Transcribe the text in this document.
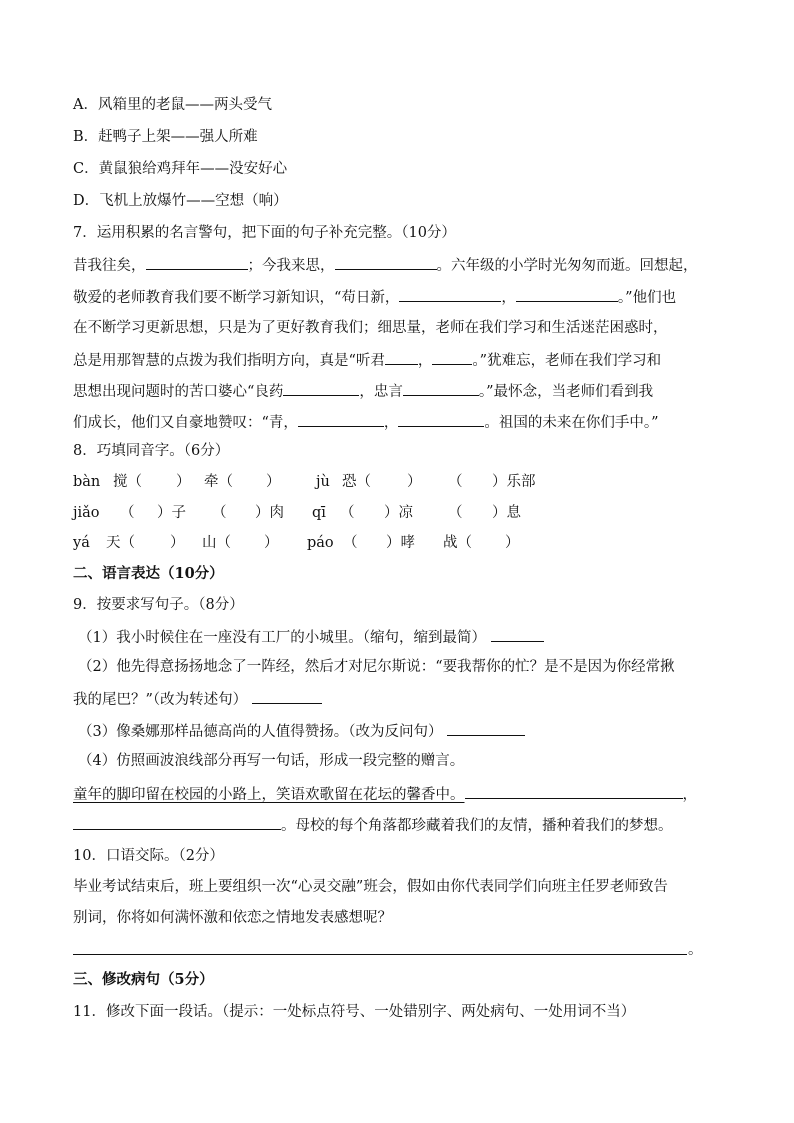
A．风箱里的老鼠——两头受气
B．赶鸭子上架——强人所难
C．黄鼠狼给鸡拜年——没安好心
D．飞机上放爆竹——空想（响）
7．运用积累的名言警句，把下面的句子补充完整。（10分）
昔我往矣，	；今我来思，	。六年级的小学时光匆匆而逝。回想起，
敬爱的老师教育我们要不断学习新知识，“苟日新，	，	。”他们也
在不断学习更新思想，只是为了更好教育我们；细思量，老师在我们学习和生活迷茫困惑时，
总是用那智慧的点拨为我们指明方向，真是“听君 ，	。”犹难忘，老师在我们学习和
思想出现问题时的苦口婆心“良药	，忠言	。”最怀念，当老师们看到我
们成长，他们又自豪地赞叹：“青，	，	。祖国的未来在你们手中。”
8．巧填同音字。（6分）
bàn 搅（ ） 牵（ ） jù 恐（ ） （ ）乐部
jiǎo （ ）子 （ ）肉 qī （ ）凉 （ ）息
yá 天（ ） 山（ ） páo （ ）哮 战（ ）
二、语言表达（10分）
9．按要求写句子。（8分）
（1）我小时候住在一座没有工厂的小城里。（缩句，缩到最简）
（2）他先得意扬扬地念了一阵经，然后才对尼尔斯说：“要我帮你的忙？是不是因为你经常揪
我的尾巴？”（改为转述句）
（3）像桑娜那样品德高尚的人值得赞扬。（改为反问句）
（4）仿照画波浪线部分再写一句话，形成一段完整的赠言。
童年的脚印留在校园的小路上，笑语欢歌留在花坛的馨香中。	，
。母校的每个角落都珍藏着我们的友情，播种着我们的梦想。
10．口语交际。（2分）
毕业考试结束后，班上要组织一次“心灵交融”班会，假如由你代表同学们向班主任罗老师致告
别词，你将如何满怀激和依恋之情地发表感想呢？
。
三、修改病句（5分）
11．修改下面一段话。（提示：一处标点符号、一处错别字、两处病句、一处用词不当）
